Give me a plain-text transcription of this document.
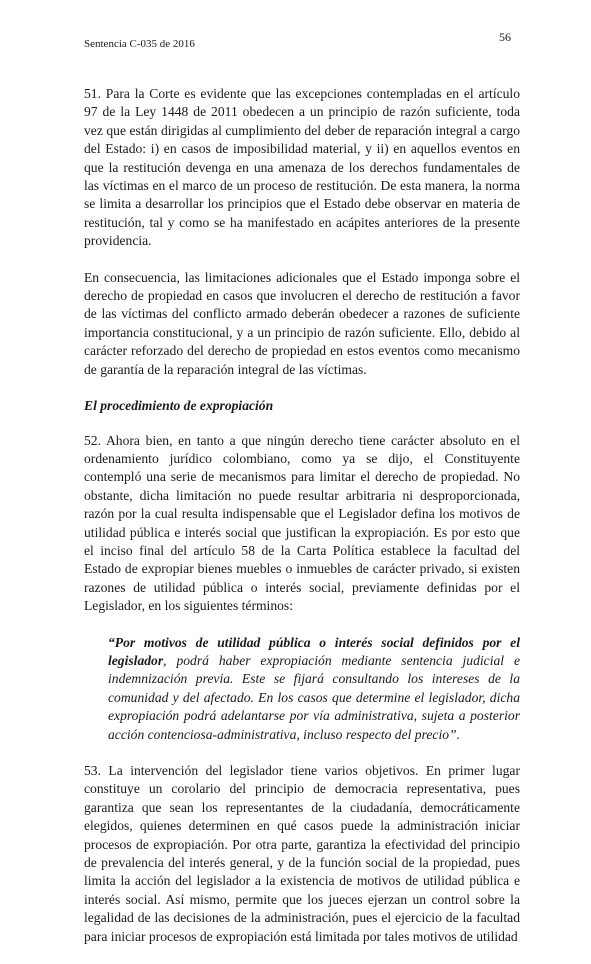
Sentencia C-035 de 2016	56

51. Para la Corte es evidente que las excepciones contempladas en el artículo 97 de la Ley 1448 de 2011 obedecen a un principio de razón suficiente, toda vez que están dirigidas al cumplimiento del deber de reparación integral a cargo del Estado: i) en casos de imposibilidad material, y ii) en aquellos eventos en que la restitución devenga en una amenaza de los derechos fundamentales de las víctimas en el marco de un proceso de restitución. De esta manera, la norma se limita a desarrollar los principios que el Estado debe observar en materia de restitución, tal y como se ha manifestado en acápites anteriores de la presente providencia.

En consecuencia, las limitaciones adicionales que el Estado imponga sobre el derecho de propiedad en casos que involucren el derecho de restitución a favor de las víctimas del conflicto armado deberán obedecer a razones de suficiente importancia constitucional, y a un principio de razón suficiente. Ello, debido al carácter reforzado del derecho de propiedad en estos eventos como mecanismo de garantía de la reparación integral de las víctimas.

El procedimiento de expropiación

52. Ahora bien, en tanto a que ningún derecho tiene carácter absoluto en el ordenamiento jurídico colombiano, como ya se dijo, el Constituyente contempló una serie de mecanismos para limitar el derecho de propiedad. No obstante, dicha limitación no puede resultar arbitraria ni desproporcionada, razón por la cual resulta indispensable que el Legislador defina los motivos de utilidad pública e interés social que justifican la expropiación. Es por esto que el inciso final del artículo 58 de la Carta Política establece la facultad del Estado de expropiar bienes muebles o inmuebles de carácter privado, si existen razones de utilidad pública o interés social, previamente definidas por el Legislador, en los siguientes términos:

“Por motivos de utilidad pública o interés social definidos por el legislador, podrá haber expropiación mediante sentencia judicial e indemnización previa. Este se fijará consultando los intereses de la comunidad y del afectado. En los casos que determine el legislador, dicha expropiación podrá adelantarse por vía administrativa, sujeta a posterior acción contenciosa-administrativa, incluso respecto del precio”.

53. La intervención del legislador tiene varios objetivos. En primer lugar constituye un corolario del principio de democracia representativa, pues garantiza que sean los representantes de la ciudadanía, democráticamente elegidos, quienes determinen en qué casos puede la administración iniciar procesos de expropiación. Por otra parte, garantiza la efectividad del principio de prevalencia del interés general, y de la función social de la propiedad, pues limita la acción del legislador a la existencia de motivos de utilidad pública e interés social. Así mismo, permite que los jueces ejerzan un control sobre la legalidad de las decisiones de la administración, pues el ejercicio de la facultad para iniciar procesos de expropiación está limitada por tales motivos de utilidad
